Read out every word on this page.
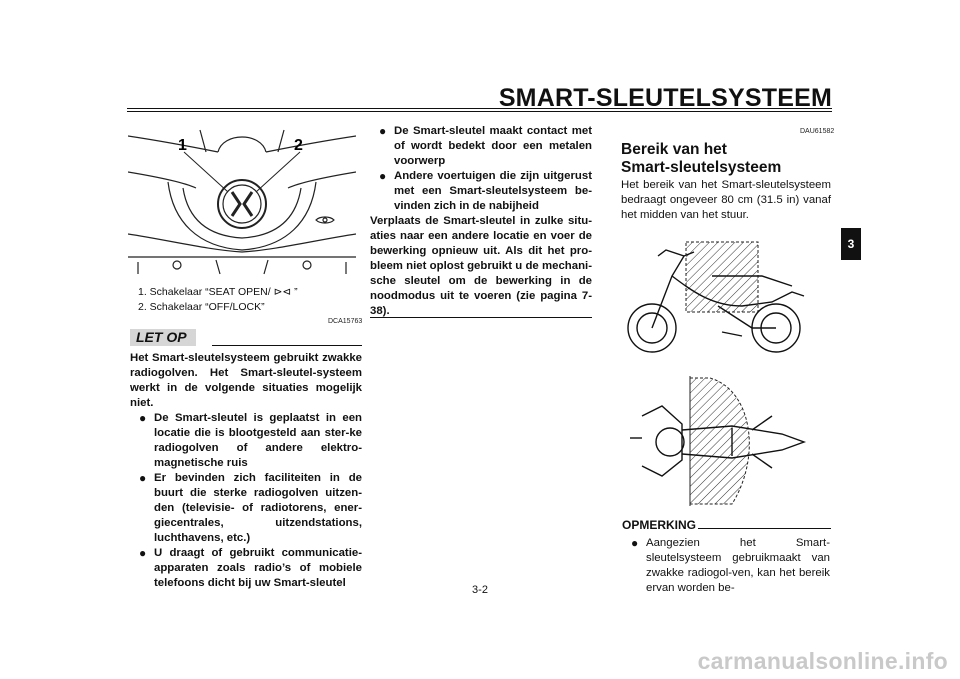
SMART-SLEUTELSYSTEEM
3
1	2
1. Schakelaar “SEAT OPEN/ ⊳⊲ ”
2. Schakelaar “OFF/LOCK”
DCA15763
LET OP
Het Smart-sleutelsysteem gebruikt zwakke radiogolven. Het Smart-sleutel-systeem werkt in de volgende situaties mogelijk niet.
● De Smart-sleutel is geplaatst in een locatie die is blootgesteld aan ster-ke radiogolven of andere elektro-magnetische ruis
● Er bevinden zich faciliteiten in de buurt die sterke radiogolven uitzen-den (televisie- of radiotorens, ener-giecentrales, uitzendstations, luchthavens, etc.)
● U draagt of gebruikt communicatie-apparaten zoals radio’s of mobiele telefoons dicht bij uw Smart-sleutel
● De Smart-sleutel maakt contact met of wordt bedekt door een metalen voorwerp
● Andere voertuigen die zijn uitgerust met een Smart-sleutelsysteem be-vinden zich in de nabijheid
Verplaats de Smart-sleutel in zulke situ-aties naar een andere locatie en voer de bewerking opnieuw uit. Als dit het pro-bleem niet oplost gebruikt u de mechani-sche sleutel om de bewerking in de noodmodus uit te voeren (zie pagina 7-38).
DAU61582
Bereik van het
Smart-sleutelsysteem
Het bereik van het Smart-sleutelsysteem bedraagt ongeveer 80 cm (31.5 in) vanaf het midden van het stuur.
OPMERKING
● Aangezien het Smart-sleutelsysteem gebruikmaakt van zwakke radiogol-ven, kan het bereik ervan worden be-
3-2
carmanualsonline.info
